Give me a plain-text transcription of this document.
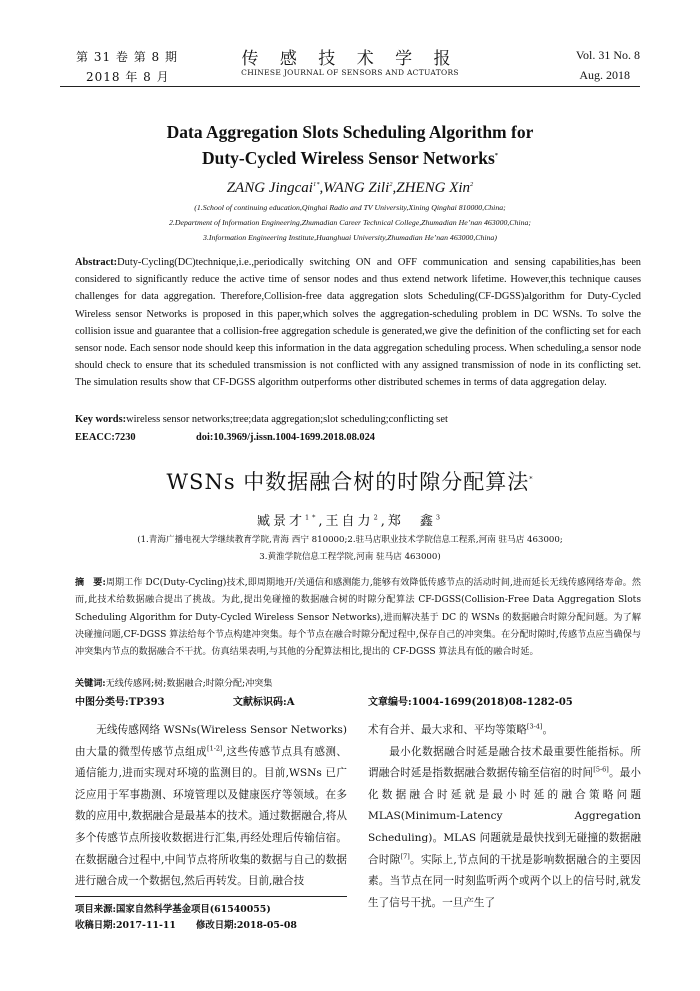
第 31 卷 第 8 期
2018 年 8 月
传 感 技 术 学 报
CHINESE JOURNAL OF SENSORS AND ACTUATORS
Vol. 31 No. 8
Aug. 2018
Data Aggregation Slots Scheduling Algorithm for
Duty-Cycled Wireless Sensor Networks*
ZANG Jingcai$^{1*}$,WANG Zili$^2$,ZHENG Xin$^2$
(1.School of continuing education,Qinghai Radio and TV University,Xining Qinghai 810000,China;
2.Department of Information Engineering,Zhumadian Career Technical College,Zhumadian He’nan 463000,China;
3.Information Engineering Institute,Huanghuai University,Zhumadian He’nan 463000,China)
Abstract:Duty-Cycling(DC)technique,i.e.,periodically switching ON and OFF communication and sensing capabilities,has been considered to significantly reduce the active time of sensor nodes and thus extend network lifetime. However,this technique causes challenges for data aggregation. Therefore,Collision-free data aggregation slots Scheduling(CF-DGSS)algorithm for Duty-Cycled Wireless sensor Networks is proposed in this paper,which solves the aggregation-scheduling problem in DC WSNs. To solve the collision issue and guarantee that a collision-free aggregation schedule is generated,we give the definition of the conflicting set for each sensor node. Each sensor node should keep this information in the data aggregation scheduling process. When scheduling,a sensor node should check to ensure that its scheduled transmission is not conflicted with any assigned transmission of node in its conflicting set. The simulation results show that CF-DGSS algorithm outperforms other distributed schemes in terms of data aggregation delay.
Key words:wireless sensor networks;tree;data aggregation;slot scheduling;conflicting set
EEACC:7230	doi:10.3969/j.issn.1004-1699.2018.08.024
WSNs 中数据融合树的时隙分配算法*
臧景才$^{1*}$,王自力$^2$,郑　鑫$^3$
(1.青海广播电视大学继续教育学院,青海 西宁 810000;2.驻马店职业技术学院信息工程系,河南 驻马店 463000;
3.黄淮学院信息工程学院,河南 驻马店 463000)
摘　要:周期工作 DC(Duty-Cycling)技术,即周期地开/关通信和感测能力,能够有效降低传感节点的活动时间,进而延长无线传感网络寿命。然而,此技术给数据融合提出了挑战。为此,提出免碰撞的数据融合树的时隙分配算法 CF-DGSS(Collision-Free Data Aggregation Slots Scheduling Algorithm for Duty-Cycled Wireless Sensor Networks),进而解决基于 DC 的 WSNs 的数据融合时隙分配问题。为了解决碰撞问题,CF-DGSS 算法给每个节点构建冲突集。每个节点在融合时隙分配过程中,保存自己的冲突集。在分配时隙时,传感节点应当确保与冲突集内节点的数据融合不干扰。仿真结果表明,与其他的分配算法相比,提出的 CF-DGSS 算法具有低的融合时延。
关键词:无线传感网;树;数据融合;时隙分配;冲突集
中图分类号:TP393	文献标识码:A	文章编号:1004-1699(2018)08-1282-05

无线传感网络 WSNs(Wireless Sensor Networks)由大量的微型传感节点组成[1-2],这些传感节点具有感测、通信能力,进而实现对环境的监测目的。目前,WSNs 已广泛应用于军事勘测、环境管理以及健康医疗等领域。在多数的应用中,数据融合是最基本的技术。通过数据融合,将从多个传感节点所接收数据进行汇集,再经处理后传输信宿。在数据融合过程中,中间节点将所收集的数据与自己的数据进行融合成一个数据包,然后再转发。目前,融合技

术有合并、最大求和、平均等策略[3-4]。

最小化数据融合时延是融合技术最重要性能指标。所谓融合时延是指数据融合数据传输至信宿的时间[5-6]。最小化数据融合时延就是最小时延的融合策略问题 MLAS(Minimum-Latency Aggregation Scheduling)。MLAS 问题就是最快找到无碰撞的数据融合时隙[7]。实际上,节点间的干扰是影响数据融合的主要因素。当节点在同一时刻监听两个或两个以上的信号时,就发生了信号干扰。一旦产生了

项目来源:国家自然科学基金项目(61540055)
收稿日期:2017-11-11 修改日期:2018-05-08
